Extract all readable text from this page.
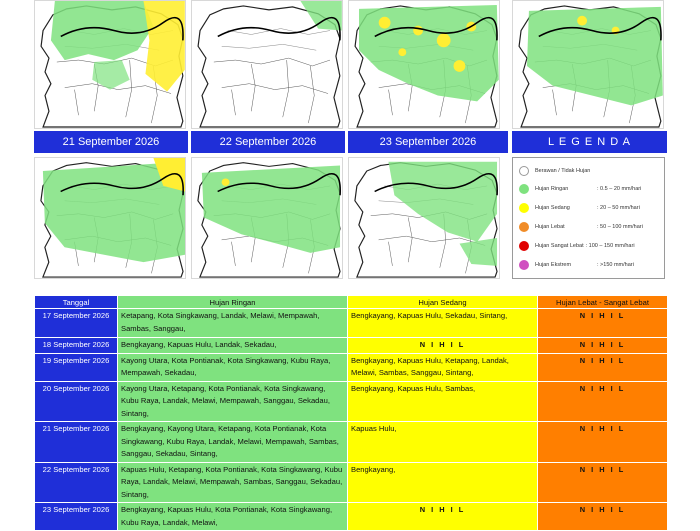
21 September 2026	22 September 2026	23 September 2026	L E G E N D A
Berawan / Tidak Hujan
Hujan Ringan	: 0.5 – 20 mm/hari
Hujan Sedang	: 20 – 50 mm/hari
Hujan Lebat	: 50 – 100 mm/hari
Hujan Sangat Lebat : 100 – 150 mm/hari
Hujan Ekstrem	: >150 mm/hari
Tanggal	Hujan Ringan	Hujan Sedang	Hujan Lebat - Sangat Lebat
17 September 2026	Ketapang, Kota Singkawang, Landak, Melawi, Mempawah, Sambas, Sanggau,	Bengkayang, Kapuas Hulu, Sekadau, Sintang,	N I H I L
18 September 2026	Bengkayang, Kapuas Hulu, Landak, Sekadau,	N I H I L	N I H I L
19 September 2026	Kayong Utara, Kota Pontianak, Kota Singkawang, Kubu Raya, Mempawah, Sekadau,	Bengkayang, Kapuas Hulu, Ketapang, Landak, Melawi, Sambas, Sanggau, Sintang,	N I H I L
20 September 2026	Kayong Utara, Ketapang, Kota Pontianak, Kota Singkawang, Kubu Raya, Landak, Melawi, Mempawah, Sanggau, Sekadau, Sintang,	Bengkayang, Kapuas Hulu, Sambas,	N I H I L
21 September 2026	Bengkayang, Kayong Utara, Ketapang, Kota Pontianak, Kota Singkawang, Kubu Raya, Landak, Melawi, Mempawah, Sambas, Sanggau, Sekadau, Sintang,	Kapuas Hulu,	N I H I L
22 September 2026	Kapuas Hulu, Ketapang, Kota Pontianak, Kota Singkawang, Kubu Raya, Landak, Melawi, Mempawah, Sambas, Sanggau, Sekadau, Sintang,	Bengkayang,	N I H I L
23 September 2026	Bengkayang, Kapuas Hulu, Kota Pontianak, Kota Singkawang, Kubu Raya, Landak, Melawi,	N I H I L	N I H I L
